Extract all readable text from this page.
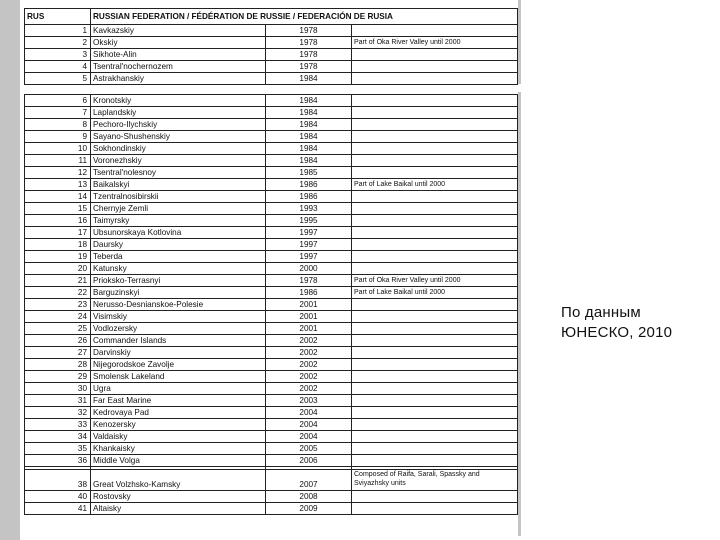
RUS	RUSSIAN FEDERATION / FÉDÉRATION DE RUSSIE / FEDERACIÓN DE RUSIA		
1	Kavkazskiy	1978	
2	Okskiy	1978	Part of Oka River Valley until 2000
3	Sikhote-Alin	1978	
4	Tsentral'nochernozem	1978	
5	Astrakhanskiy	1984	
6	Kronotskiy	1984	
7	Laplandskiy	1984	
8	Pechoro-Ilychskiy	1984	
9	Sayano-Shushenskiy	1984	
10	Sokhondinskiy	1984	
11	Voronezhskiy	1984	
12	Tsentral'nolesnoy	1985	
13	Baikalskyi	1986	Part of Lake Baikal until 2000
14	Tzentralnosibirskii	1986	
15	Chernyje Zemli	1993	
16	Taimyrsky	1995	
17	Ubsunorskaya Kotlovina	1997	
18	Daursky	1997	
19	Teberda	1997	
20	Katunsky	2000	
21	Prioksko-Terrasnyi	1978	Part of Oka River Valley until 2000
22	Barguzinskyi	1986	Part of Lake Baikal until 2000
23	Nerusso-Desnianskoe-Polesie	2001	
24	Visimskiy	2001	
25	Vodlozersky	2001	
26	Commander Islands	2002	
27	Darvinskiy	2002	
28	Nijegorodskoe Zavolje	2002	
29	Smolensk Lakeland	2002	
30	Ugra	2002	
31	Far East Marine	2003	
32	Kedrovaya Pad	2004	
33	Kenozersky	2004	
34	Valdaisky	2004	
35	Khankaisky	2005	
36	Middle Volga	2006	

38	Great Volzhsko-Kamsky	2007	Composed of Raifa, Sarali, Spassky and Sviyazhsky units
40	Rostovsky	2008	
41	Altaisky	2009	
По данным
ЮНЕСКО, 2010
